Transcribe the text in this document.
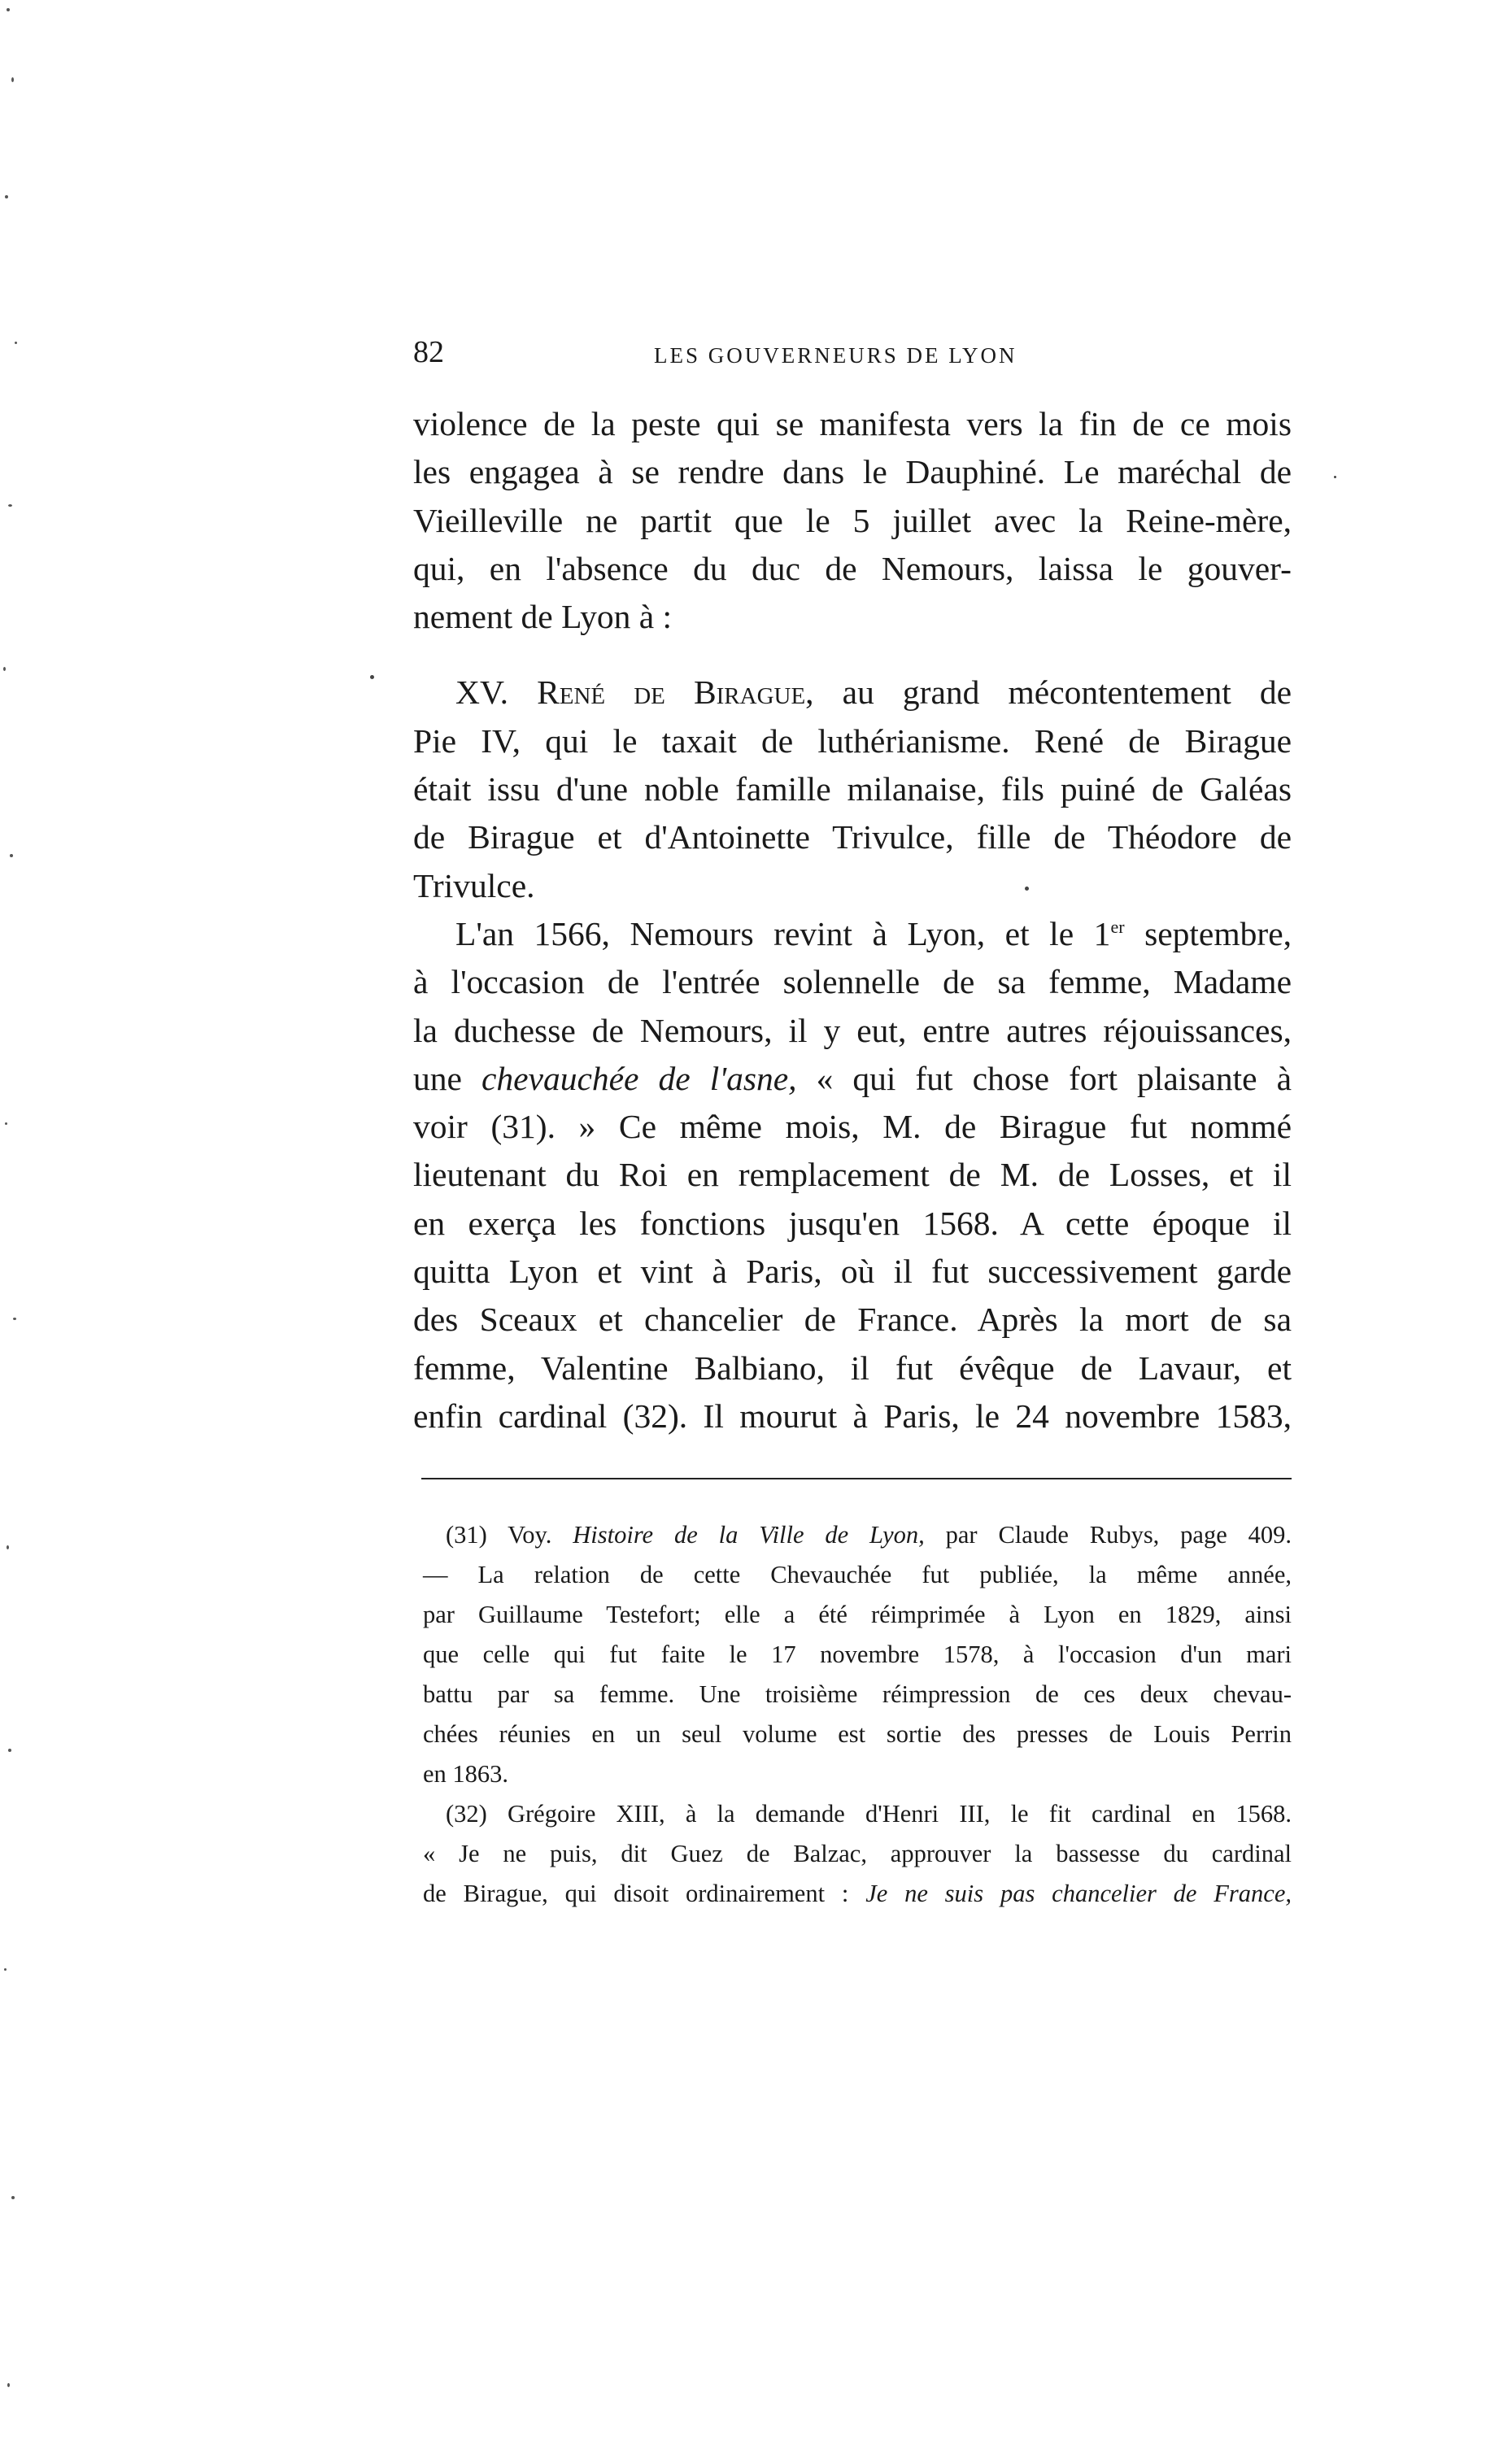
82	LES GOUVERNEURS DE LYON
violence de la peste qui se manifesta vers la fin de ce mois
les engagea à se rendre dans le Dauphiné. Le maréchal de
Vieilleville ne partit que le 5 juillet avec la Reine-mère,
qui, en l'absence du duc de Nemours, laissa le gouver-
nement de Lyon à :
XV. René de Birague, au grand mécontentement de
Pie IV, qui le taxait de luthérianisme. René de Birague
était issu d'une noble famille milanaise, fils puiné de Galéas
de Birague et d'Antoinette Trivulce, fille de Théodore de
Trivulce.
L'an 1566, Nemours revint à Lyon, et le 1er septembre,
à l'occasion de l'entrée solennelle de sa femme, Madame
la duchesse de Nemours, il y eut, entre autres réjouissances,
une chevauchée de l'asne, « qui fut chose fort plaisante à
voir (31). » Ce même mois, M. de Birague fut nommé
lieutenant du Roi en remplacement de M. de Losses, et il
en exerça les fonctions jusqu'en 1568. A cette époque il
quitta Lyon et vint à Paris, où il fut successivement garde
des Sceaux et chancelier de France. Après la mort de sa
femme, Valentine Balbiano, il fut évêque de Lavaur, et
enfin cardinal (32). Il mourut à Paris, le 24 novembre 1583,
(31) Voy. Histoire de la Ville de Lyon, par Claude Rubys, page 409.
— La relation de cette Chevauchée fut publiée, la même année,
par Guillaume Testefort; elle a été réimprimée à Lyon en 1829, ainsi
que celle qui fut faite le 17 novembre 1578, à l'occasion d'un mari
battu par sa femme. Une troisième réimpression de ces deux chevau-
chées réunies en un seul volume est sortie des presses de Louis Perrin
en 1863.
(32) Grégoire XIII, à la demande d'Henri III, le fit cardinal en 1568.
« Je ne puis, dit Guez de Balzac, approuver la bassesse du cardinal
de Birague, qui disoit ordinairement : Je ne suis pas chancelier de France,
